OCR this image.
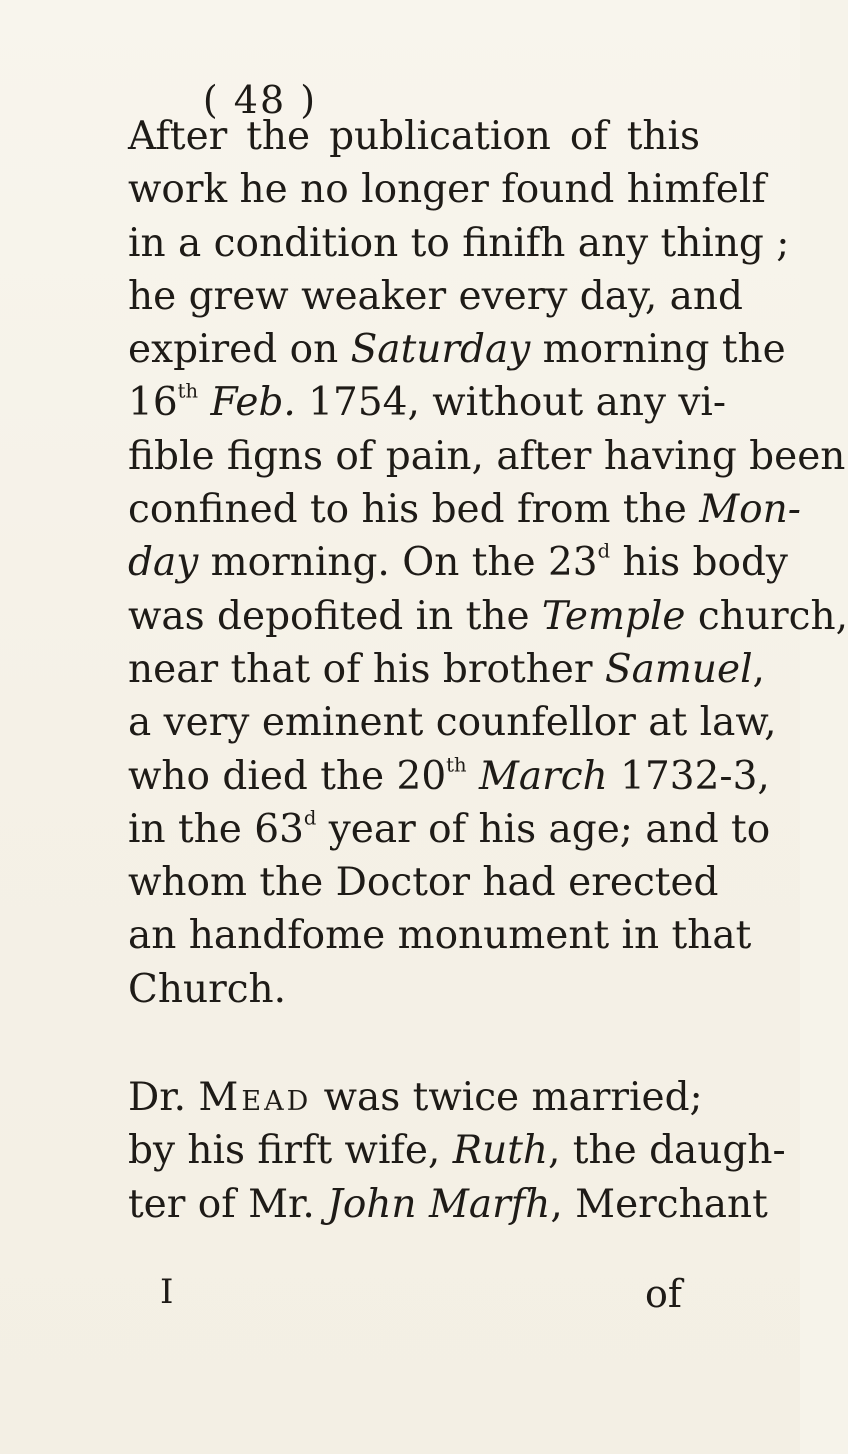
( 48 )
After the publication of this
work he no longer found himfelf
in a condition to finifh any thing ;
he grew weaker every day, and
expired on Saturday morning the
16th Feb. 1754, without any vi-
fible figns of pain, after having been
confined to his bed from the Mon-
day morning. On the 23$^d$ his body
was depofited in the Temple church,
near that of his brother Samuel,
a very eminent counfellor at law,
who died the 20th March 1732-3,
in the 63$^d$ year of his age; and to
whom the Doctor had erected
an handfome monument in that
Church.
Dr. Mead was twice married;
by his firft wife, Ruth, the daugh-
ter of Mr. John Marfh, Merchant
I	of
